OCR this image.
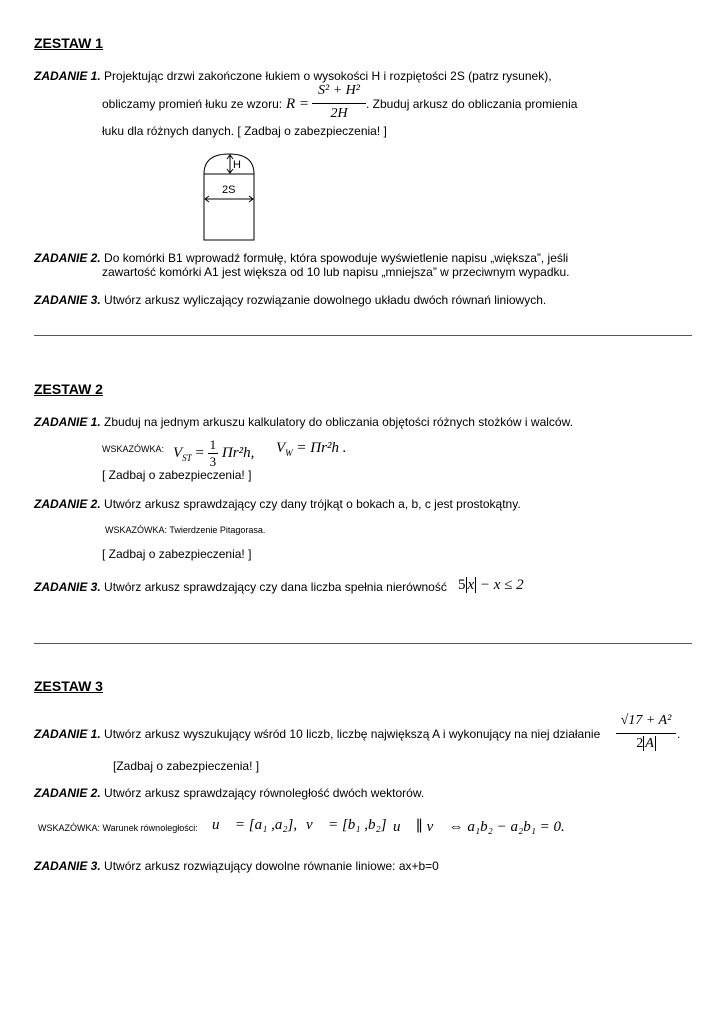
ZESTAW 1
ZADANIE 1. Projektując drzwi zakończone łukiem o wysokości H i rozpiętości 2S (patrz rysunek),
obliczamy promień łuku ze wzoru: R =
S² + H²
2H
. Zbuduj arkusz do obliczania promienia
łuku dla różnych danych. [ Zadbaj o zabezpieczenia! ]
H
2S
ZADANIE 2. Do komórki B1 wprowadź formułę, która spowoduje wyświetlenie napisu „większa”, jeśli
zawartość komórki A1 jest większa od 10 lub napisu „mniejsza” w przeciwnym wypadku.
ZADANIE 3. Utwórz arkusz wyliczający rozwiązanie dowolnego układu dwóch równań liniowych.
ZESTAW 2
ZADANIE 1. Zbuduj na jednym arkuszu kalkulatory do obliczania objętości różnych stożków i walców.
WSKAZÓWKA: $V_{ST} = \frac{1}{3} \Pi r^2h$, $V_W = \Pi r^2h$ .
[ Zadbaj o zabezpieczenia! ]
ZADANIE 2. Utwórz arkusz sprawdzający czy dany trójkąt o bokach a, b, c jest prostokątny.
WSKAZÓWKA: Twierdzenie Pitagorasa.
[ Zadbaj o zabezpieczenia! ]
ZADANIE 3. Utwórz arkusz sprawdzający czy dana liczba spełnia nierówność 5 x − x ≤ 2
ZESTAW 3
ZADANIE 1. Utwórz arkusz wyszukujący wśród 10 liczb, liczbę największą A i wykonujący na niej działanie
√17 + A²
2 A
.
[Zadbaj o zabezpieczenia! ]
ZADANIE 2. Utwórz arkusz sprawdzający równoległość dwóch wektorów.
WSKAZÓWKA: Warunek równoległości: u⃗ = [a₁ ,a₂], v⃗ = [b₁ ,b₂] u⃗ ∥ v⃗ ⇔ a₁b₂ − a₂b₁ = 0.
ZADANIE 3. Utwórz arkusz rozwiązujący dowolne równanie liniowe: ax+b=0
